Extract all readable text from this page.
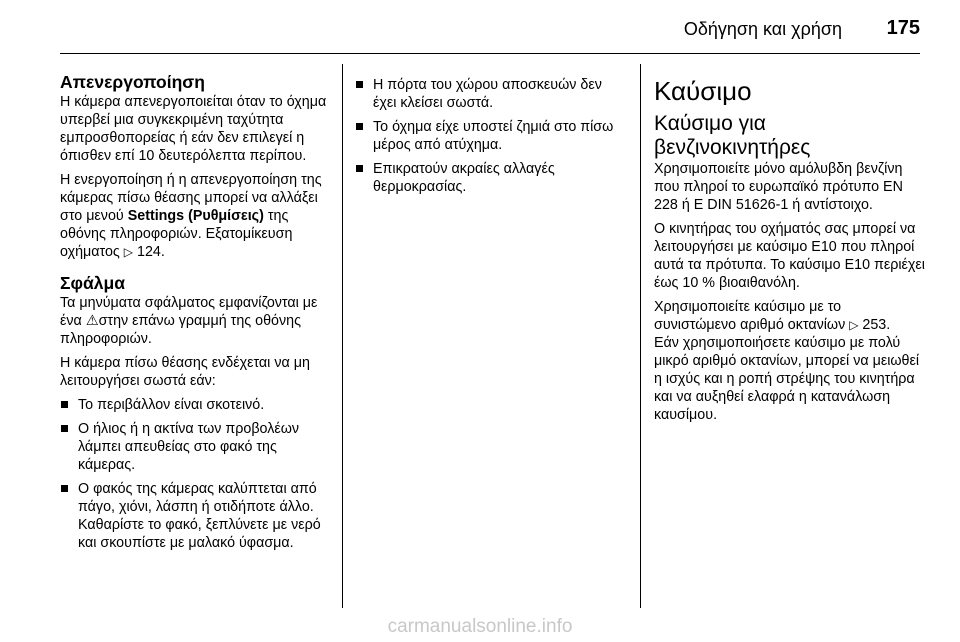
Οδήγηση και χρήση 175
Απενεργοποίηση

Η κάμερα απενεργοποιείται όταν το όχημα υπερβεί μια συγκεκριμένη ταχύτητα εμπροσθοπορείας ή εάν δεν επιλεγεί η όπισθεν επί 10 δευτερόλεπτα περίπου.

Η ενεργοποίηση ή η απενεργοποίηση της κάμερας πίσω θέασης μπορεί να αλλάξει στο μενού Settings (Ρυθμίσεις) της οθόνης πληροφοριών. Εξατομίκευση οχήματος ▷ 124.

Σφάλμα

Τα μηνύματα σφάλματος εμφανίζονται με ένα ⚠στην επάνω γραμμή της οθόνης πληροφοριών.

Η κάμερα πίσω θέασης ενδέχεται να μη λειτουργήσει σωστά εάν:

Το περιβάλλον είναι σκοτεινό.
Ο ήλιος ή η ακτίνα των προβολέων λάμπει απευθείας στο φακό της κάμερας.
Ο φακός της κάμερας καλύπτεται από πάγο, χιόνι, λάσπη ή οτιδήποτε άλλο. Καθαρίστε το φακό, ξεπλύνετε με νερό και σκουπίστε με μαλακό ύφασμα.
Η πόρτα του χώρου αποσκευών δεν έχει κλείσει σωστά.
Το όχημα είχε υποστεί ζημιά στο πίσω μέρος από ατύχημα.
Επικρατούν ακραίες αλλαγές θερμοκρασίας.
Καύσιμο
Καύσιμο για βενζινοκινητήρες

Χρησιμοποιείτε μόνο αμόλυβδη βενζίνη που πληροί το ευρωπαϊκό πρότυπο EN 228 ή E DIN 51626-1 ή αντίστοιχο.

Ο κινητήρας του οχήματός σας μπορεί να λειτουργήσει με καύσιμο E10 που πληροί αυτά τα πρότυπα. Το καύσιμο E10 περιέχει έως 10 % βιοαιθανόλη.

Χρησιμοποιείτε καύσιμο με το συνιστώμενο αριθμό οκτανίων ▷ 253.
Εάν χρησιμοποιήσετε καύσιμο με πολύ μικρό αριθμό οκτανίων, μπορεί να μειωθεί η ισχύς και η ροπή στρέψης του κινητήρα και να αυξηθεί ελαφρά η κατανάλωση καυσίμου.

carmanualsonline.info
